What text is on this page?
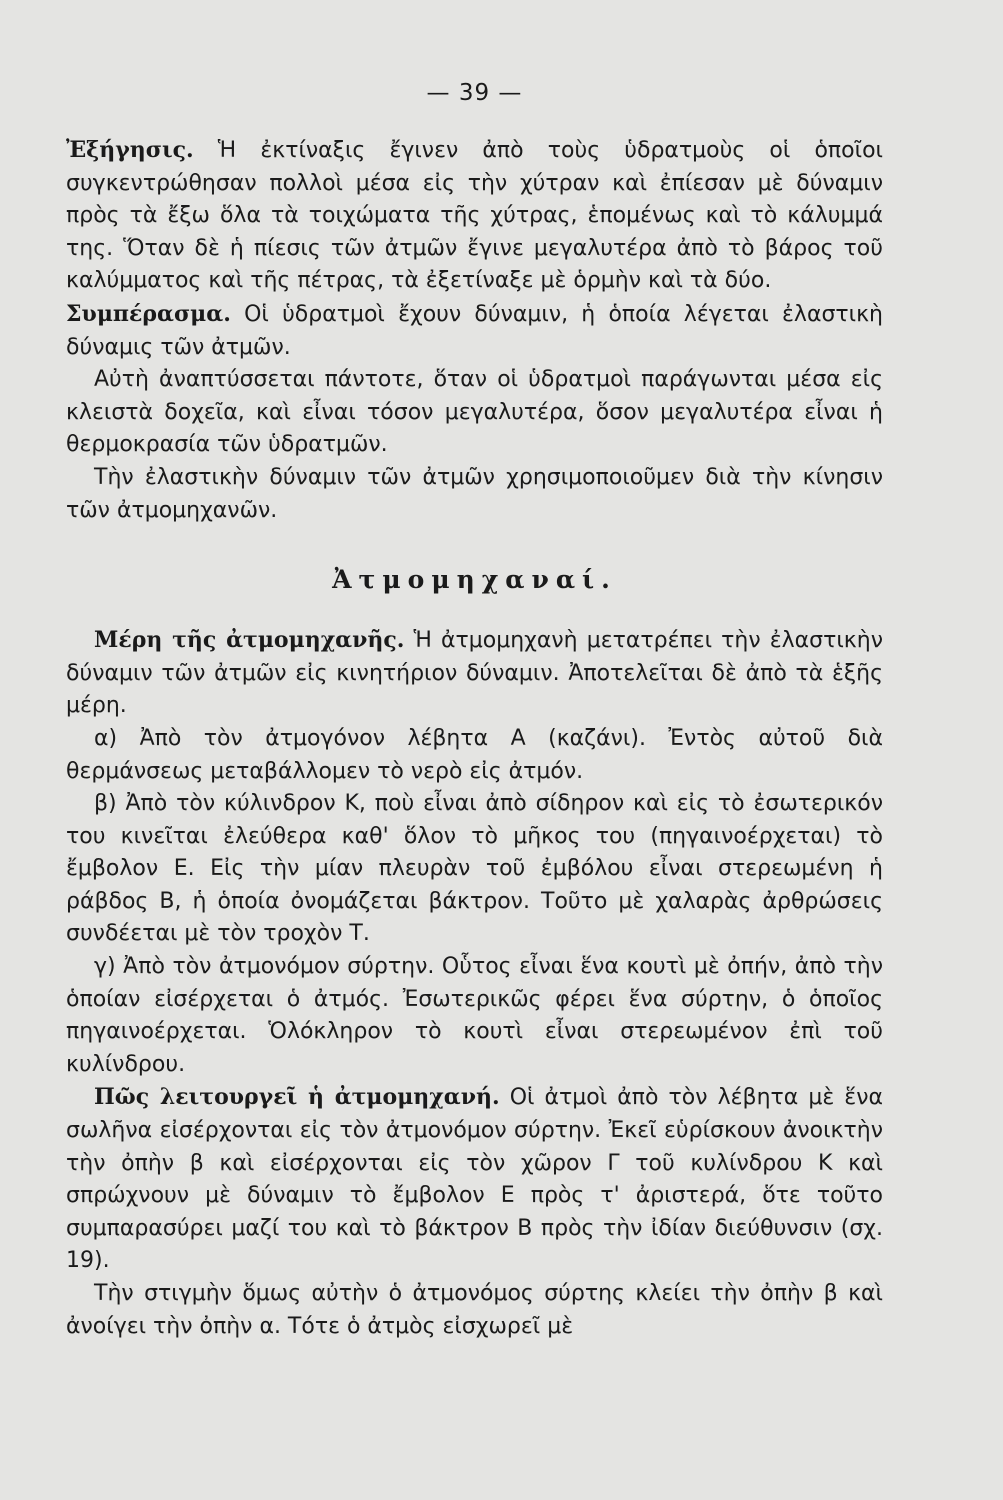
— 39 —

Ἐξήγησις. Ἡ ἐκτίναξις ἔγινεν ἀπὸ τοὺς ὑδρατμοὺς οἱ ὁποῖοι συγκεντρώθησαν πολλοὶ μέσα εἰς τὴν χύτραν καὶ ἐπίεσαν μὲ δύναμιν πρὸς τὰ ἔξω ὅλα τὰ τοιχώματα τῆς χύτρας, ἑπομένως καὶ τὸ κάλυμμά της. Ὅταν δὲ ἡ πίεσις τῶν ἀτμῶν ἔγινε μεγαλυτέρα ἀπὸ τὸ βάρος τοῦ καλύμματος καὶ τῆς πέτρας, τὰ ἐξετίναξε μὲ ὁρμὴν καὶ τὰ δύο.

Συμπέρασμα. Οἱ ὑδρατμοὶ ἔχουν δύναμιν, ἡ ὁποία λέγεται ἐλαστικὴ δύναμις τῶν ἀτμῶν.

Αὐτὴ ἀναπτύσσεται πάντοτε, ὅταν οἱ ὑδρατμοὶ παράγωνται μέσα εἰς κλειστὰ δοχεῖα, καὶ εἶναι τόσον μεγαλυτέρα, ὅσον μεγαλυτέρα εἶναι ἡ θερμοκρασία τῶν ὑδρατμῶν.

Τὴν ἐλαστικὴν δύναμιν τῶν ἀτμῶν χρησιμοποιοῦμεν διὰ τὴν κίνησιν τῶν ἀτμομηχανῶν.

Ἀτμομηχαναί.

Μέρη τῆς ἀτμομηχανῆς. Ἡ ἀτμομηχανὴ μετατρέπει τὴν ἐλαστικὴν δύναμιν τῶν ἀτμῶν εἰς κινητήριον δύναμιν. Ἀποτελεῖται δὲ ἀπὸ τὰ ἑξῆς μέρη.

α) Ἀπὸ τὸν ἀτμογόνον λέβητα Α (καζάνι). Ἐντὸς αὐτοῦ διὰ θερμάνσεως μεταβάλλομεν τὸ νερὸ εἰς ἀτμόν.

β) Ἀπὸ τὸν κύλινδρον Κ, ποὺ εἶναι ἀπὸ σίδηρον καὶ εἰς τὸ ἐσωτερικόν του κινεῖται ἐλεύθερα καθ' ὅλον τὸ μῆκος του (πηγαινοέρχεται) τὸ ἔμβολον Ε. Εἰς τὴν μίαν πλευρὰν τοῦ ἐμβόλου εἶναι στερεωμένη ἡ ράβδος Β, ἡ ὁποία ὀνομάζεται βάκτρον. Τοῦτο μὲ χαλαρὰς ἀρθρώσεις συνδέεται μὲ τὸν τροχὸν Τ.

γ) Ἀπὸ τὸν ἀτμονόμον σύρτην. Οὗτος εἶναι ἕνα κουτὶ μὲ ὀπήν, ἀπὸ τὴν ὁποίαν εἰσέρχεται ὁ ἀτμός. Ἐσωτερικῶς φέρει ἕνα σύρτην, ὁ ὁποῖος πηγαινοέρχεται. Ὁλόκληρον τὸ κουτὶ εἶναι στερεωμένον ἐπὶ τοῦ κυλίνδρου.

Πῶς λειτουργεῖ ἡ ἀτμομηχανή. Οἱ ἀτμοὶ ἀπὸ τὸν λέβητα μὲ ἕνα σωλῆνα εἰσέρχονται εἰς τὸν ἀτμονόμον σύρτην. Ἐκεῖ εὑρίσκουν ἀνοικτὴν τὴν ὀπὴν β καὶ εἰσέρχονται εἰς τὸν χῶρον Γ τοῦ κυλίνδρου Κ καὶ σπρώχνουν μὲ δύναμιν τὸ ἔμβολον Ε πρὸς τ' ἀριστερά, ὅτε τοῦτο συμπαρασύρει μαζί του καὶ τὸ βάκτρον Β πρὸς τὴν ἰδίαν διεύθυνσιν (σχ. 19).

Τὴν στιγμὴν ὅμως αὐτὴν ὁ ἀτμονόμος σύρτης κλείει τὴν ὀπὴν β καὶ ἀνοίγει τὴν ὀπὴν α. Τότε ὁ ἀτμὸς εἰσχωρεῖ μὲ
